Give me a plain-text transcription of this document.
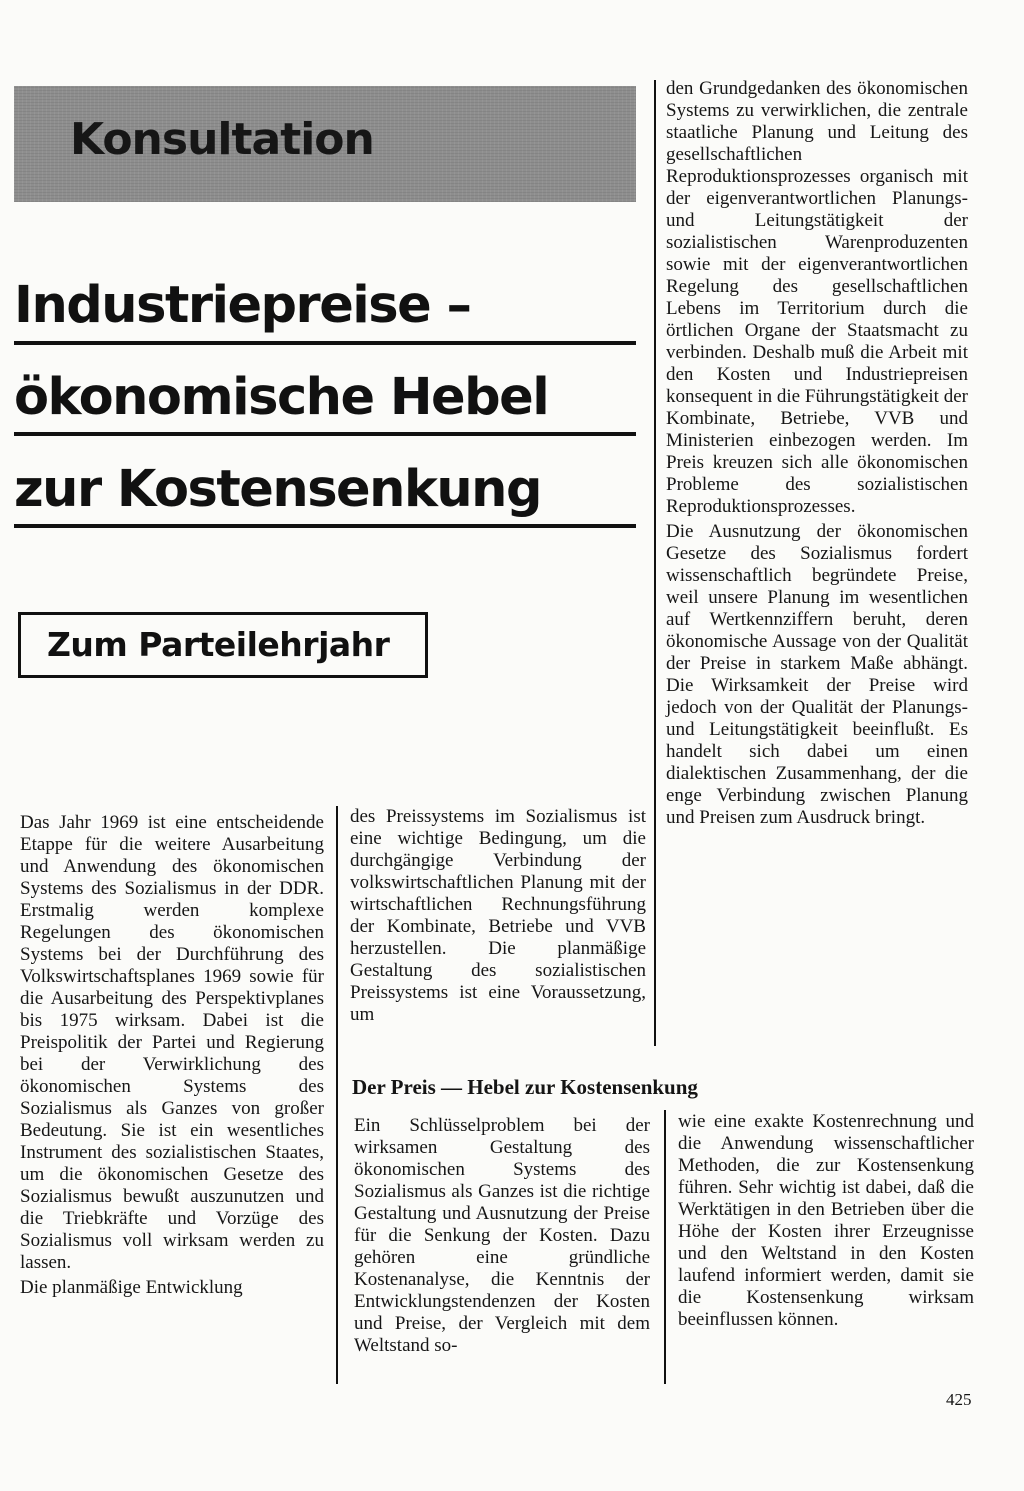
Konsultation
Industriepreise –
ökonomische Hebel
zur Kostensenkung
Zum Parteilehrjahr

den Grundgedanken des ökonomischen Systems zu verwirklichen, die zentrale staatliche Planung und Leitung des gesellschaftlichen Reproduktionsprozesses organisch mit der eigenverantwortlichen Planungs- und Leitungstätigkeit der sozialistischen Warenproduzenten sowie mit der eigenverantwortlichen Regelung des gesellschaftlichen Lebens im Territorium durch die örtlichen Organe der Staatsmacht zu verbinden. Deshalb muß die Arbeit mit den Kosten und Industriepreisen konsequent in die Führungstätigkeit der Kombinate, Betriebe, VVB und Ministerien einbezogen werden. Im Preis kreuzen sich alle ökonomischen Probleme des sozialistischen Reproduktionsprozesses.

Die Ausnutzung der ökonomischen Gesetze des Sozialismus fordert wissenschaftlich begründete Preise, weil unsere Planung im wesentlichen auf Wertkennziffern beruht, deren ökonomische Aussage von der Qualität der Preise in starkem Maße abhängt. Die Wirksamkeit der Preise wird jedoch von der Qualität der Planungs- und Leitungstätigkeit beeinflußt. Es handelt sich dabei um einen dialektischen Zusammenhang, der die enge Verbindung zwischen Planung und Preisen zum Ausdruck bringt.

Das Jahr 1969 ist eine entscheidende Etappe für die weitere Ausarbeitung und Anwendung des ökonomischen Systems des Sozialismus in der DDR. Erstmalig werden komplexe Regelungen des ökonomischen Systems bei der Durchführung des Volkswirtschaftsplanes 1969 sowie für die Ausarbeitung des Perspektivplanes bis 1975 wirksam. Dabei ist die Preispolitik der Partei und Regierung bei der Verwirklichung des ökonomischen Systems des Sozialismus als Ganzes von großer Bedeutung. Sie ist ein wesentliches Instrument des sozialistischen Staates, um die ökonomischen Gesetze des Sozialismus bewußt auszunutzen und die Triebkräfte und Vorzüge des Sozialismus voll wirksam werden zu lassen.

Die planmäßige Entwicklung

des Preissystems im Sozialismus ist eine wichtige Bedingung, um die durchgängige Verbindung der volkswirtschaftlichen Planung mit der wirtschaftlichen Rechnungsführung der Kombinate, Betriebe und VVB herzustellen. Die planmäßige Gestaltung des sozialistischen Preissystems ist eine Voraussetzung, um

Der Preis — Hebel zur Kostensenkung

Ein Schlüsselproblem bei der wirksamen Gestaltung des ökonomischen Systems des Sozialismus als Ganzes ist die richtige Gestaltung und Ausnutzung der Preise für die Senkung der Kosten. Dazu gehören eine gründliche Kostenanalyse, die Kenntnis der Entwicklungstendenzen der Kosten und Preise, der Vergleich mit dem Weltstand so-

wie eine exakte Kostenrechnung und die Anwendung wissenschaftlicher Methoden, die zur Kostensenkung führen. Sehr wichtig ist dabei, daß die Werktätigen in den Betrieben über die Höhe der Kosten ihrer Erzeugnisse und den Weltstand in den Kosten laufend informiert werden, damit sie die Kostensenkung wirksam beeinflussen können.

425
